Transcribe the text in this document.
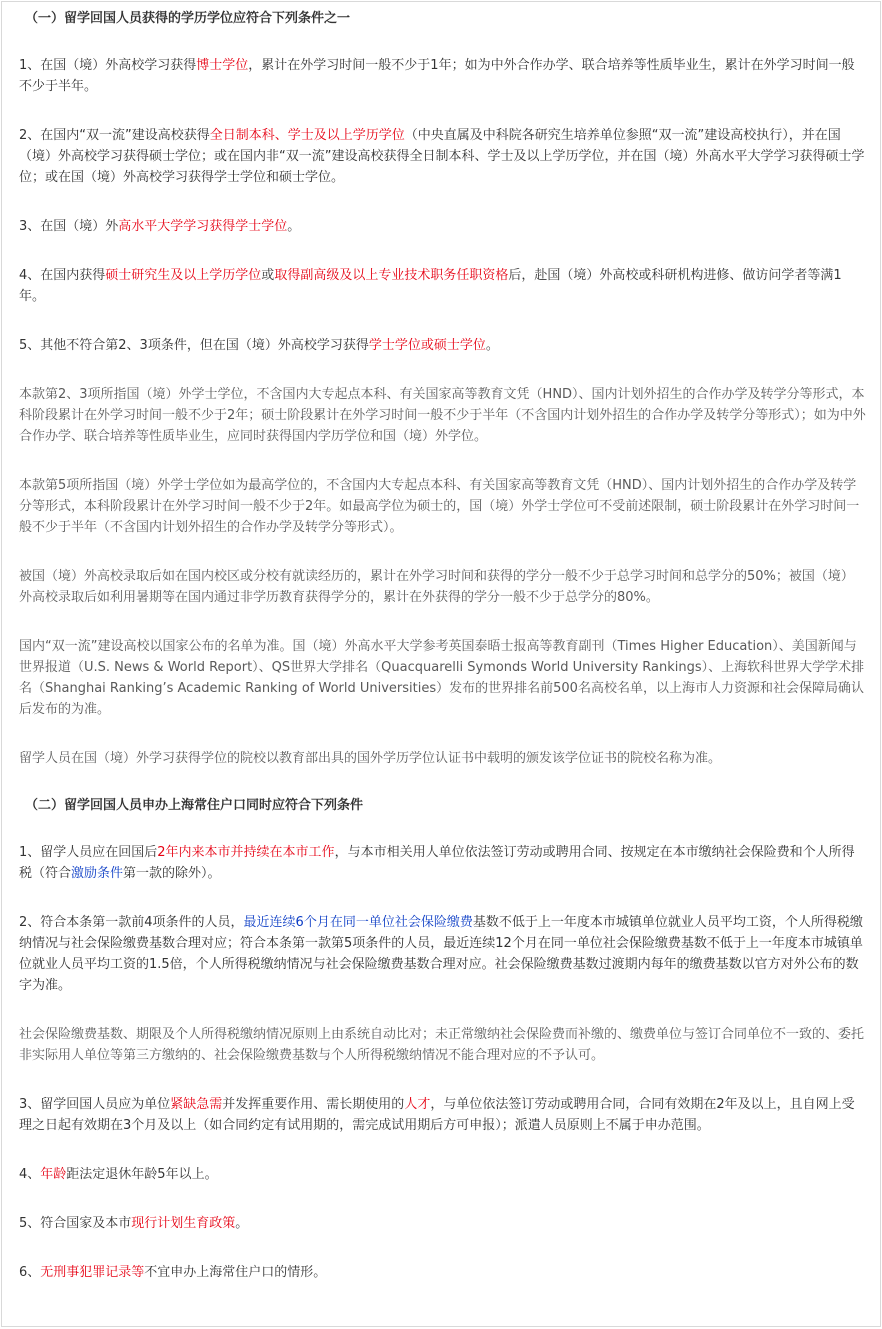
（一）留学回国人员获得的学历学位应符合下列条件之一

1、在国（境）外高校学习获得博士学位，累计在外学习时间一般不少于1年；如为中外合作办学、联合培养等性质毕业生，累计在外学习时间一般不少于半年。

2、在国内“双一流”建设高校获得全日制本科、学士及以上学历学位（中央直属及中科院各研究生培养单位参照“双一流”建设高校执行），并在国（境）外高校学习获得硕士学位；或在国内非“双一流”建设高校获得全日制本科、学士及以上学历学位，并在国（境）外高水平大学学习获得硕士学位；或在国（境）外高校学习获得学士学位和硕士学位。

3、在国（境）外高水平大学学习获得学士学位。

4、在国内获得硕士研究生及以上学历学位或取得副高级及以上专业技术职务任职资格后，赴国（境）外高校或科研机构进修、做访问学者等满1年。

5、其他不符合第2、3项条件，但在国（境）外高校学习获得学士学位或硕士学位。

本款第2、3项所指国（境）外学士学位，不含国内大专起点本科、有关国家高等教育文凭（HND）、国内计划外招生的合作办学及转学分等形式，本科阶段累计在外学习时间一般不少于2年；硕士阶段累计在外学习时间一般不少于半年（不含国内计划外招生的合作办学及转学分等形式）；如为中外合作办学、联合培养等性质毕业生，应同时获得国内学历学位和国（境）外学位。

本款第5项所指国（境）外学士学位如为最高学位的，不含国内大专起点本科、有关国家高等教育文凭（HND）、国内计划外招生的合作办学及转学分等形式，本科阶段累计在外学习时间一般不少于2年。如最高学位为硕士的，国（境）外学士学位可不受前述限制，硕士阶段累计在外学习时间一般不少于半年（不含国内计划外招生的合作办学及转学分等形式）。

被国（境）外高校录取后如在国内校区或分校有就读经历的，累计在外学习时间和获得的学分一般不少于总学习时间和总学分的50%；被国（境）外高校录取后如利用暑期等在国内通过非学历教育获得学分的，累计在外获得的学分一般不少于总学分的80%。

国内“双一流”建设高校以国家公布的名单为准。国（境）外高水平大学参考英国泰晤士报高等教育副刊（Times Higher Education）、美国新闻与世界报道（U.S. News & World Report）、QS世界大学排名（Quacquarelli Symonds World University Rankings）、上海软科世界大学学术排名（Shanghai Ranking’s Academic Ranking of World Universities）发布的世界排名前500名高校名单，以上海市人力资源和社会保障局确认后发布的为准。

留学人员在国（境）外学习获得学位的院校以教育部出具的国外学历学位认证书中载明的颁发该学位证书的院校名称为准。

（二）留学回国人员申办上海常住户口同时应符合下列条件

1、留学人员应在回国后2年内来本市并持续在本市工作，与本市相关用人单位依法签订劳动或聘用合同、按规定在本市缴纳社会保险费和个人所得税（符合激励条件第一款的除外）。

2、符合本条第一款前4项条件的人员，最近连续6个月在同一单位社会保险缴费基数不低于上一年度本市城镇单位就业人员平均工资，个人所得税缴纳情况与社会保险缴费基数合理对应；符合本条第一款第5项条件的人员，最近连续12个月在同一单位社会保险缴费基数不低于上一年度本市城镇单位就业人员平均工资的1.5倍，个人所得税缴纳情况与社会保险缴费基数合理对应。社会保险缴费基数过渡期内每年的缴费基数以官方对外公布的数字为准。

社会保险缴费基数、期限及个人所得税缴纳情况原则上由系统自动比对；未正常缴纳社会保险费而补缴的、缴费单位与签订合同单位不一致的、委托非实际用人单位等第三方缴纳的、社会保险缴费基数与个人所得税缴纳情况不能合理对应的不予认可。

3、留学回国人员应为单位紧缺急需并发挥重要作用、需长期使用的人才，与单位依法签订劳动或聘用合同，合同有效期在2年及以上，且自网上受理之日起有效期在3个月及以上（如合同约定有试用期的，需完成试用期后方可申报）；派遣人员原则上不属于申办范围。

4、年龄距法定退休年龄5年以上。

5、符合国家及本市现行计划生育政策。

6、无刑事犯罪记录等不宜申办上海常住户口的情形。
